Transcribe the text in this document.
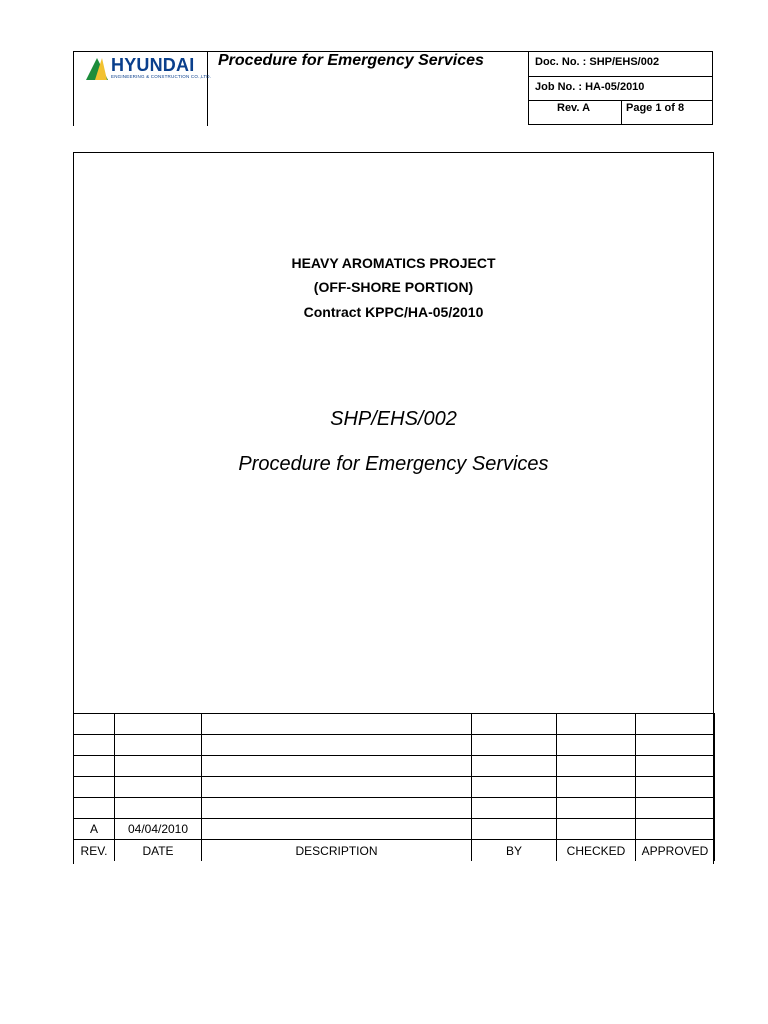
HYUNDAI
ENGINEERING & CONSTRUCTION CO.,LTD.
Procedure for Emergency Services	Doc. No. : SHP/EHS/002
Job No. : HA-05/2010
Rev. A	Page 1 of 8
HEAVY AROMATICS PROJECT
(OFF-SHORE PORTION)
Contract KPPC/HA-05/2010
SHP/EHS/002
Procedure for Emergency Services

A	04/04/2010				
REV.	DATE	DESCRIPTION	BY	CHECKED	APPROVED
